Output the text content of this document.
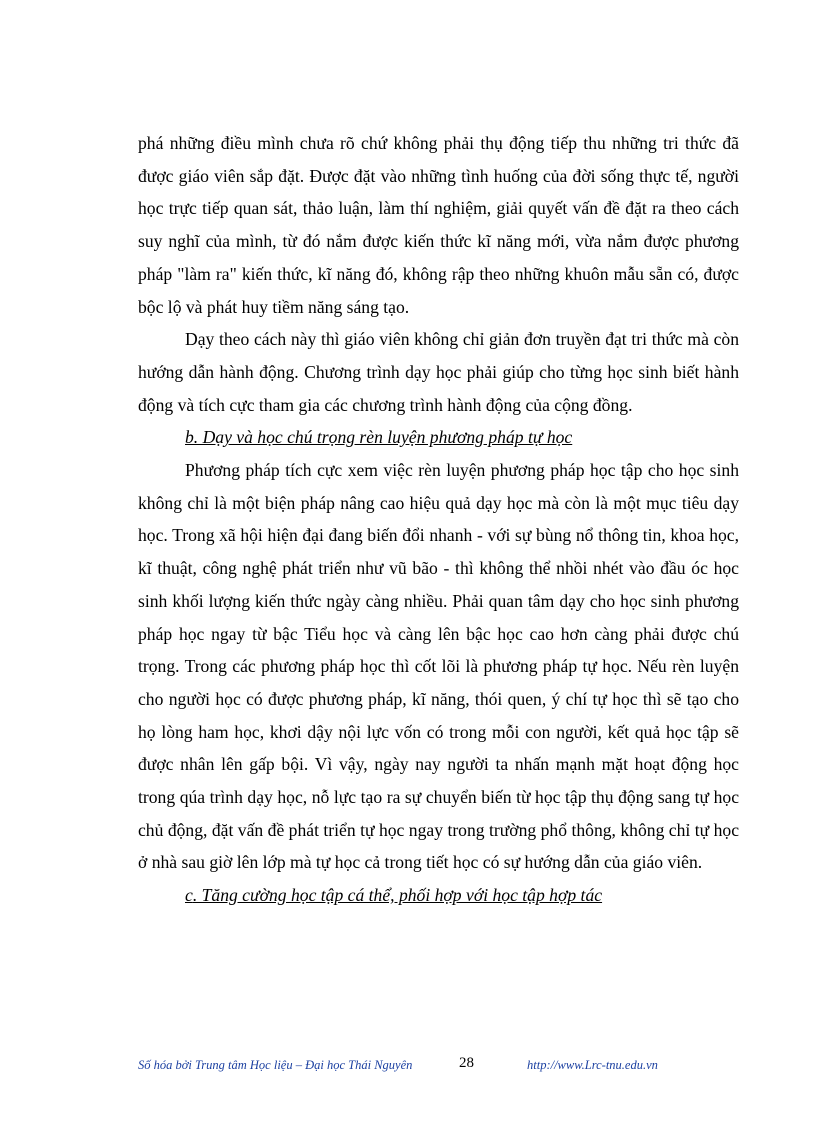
phá những điều mình chưa rõ chứ không phải thụ động tiếp thu những tri thức đã được giáo viên sắp đặt. Được đặt vào những tình huống của đời sống thực tế, người học trực tiếp quan sát, thảo luận, làm thí nghiệm, giải quyết vấn đề đặt ra theo cách suy nghĩ của mình, từ đó nắm được kiến thức kĩ năng mới, vừa nắm được phương pháp "làm ra" kiến thức, kĩ năng đó, không rập theo những khuôn mẫu sẵn có, được bộc lộ và phát huy tiềm năng sáng tạo.

Dạy theo cách này thì giáo viên không chỉ giản đơn truyền đạt tri thức mà còn hướng dẫn hành động. Chương trình dạy học phải giúp cho từng học sinh biết hành động và tích cực tham gia các chương trình hành động của cộng đồng.

b. Dạy và học chú trọng rèn luyện phương pháp tự học

Phương pháp tích cực xem việc rèn luyện phương pháp học tập cho học sinh không chỉ là một biện pháp nâng cao hiệu quả dạy học mà còn là một mục tiêu dạy học. Trong xã hội hiện đại đang biến đổi nhanh - với sự bùng nổ thông tin, khoa học, kĩ thuật, công nghệ phát triển như vũ bão - thì không thể nhồi nhét vào đầu óc học sinh khối lượng kiến thức ngày càng nhiều. Phải quan tâm dạy cho học sinh phương pháp học ngay từ bậc Tiểu học và càng lên bậc học cao hơn càng phải được chú trọng. Trong các phương pháp học thì cốt lõi là phương pháp tự học. Nếu rèn luyện cho người học có được phương pháp, kĩ năng, thói quen, ý chí tự học thì sẽ tạo cho họ lòng ham học, khơi dậy nội lực vốn có trong mỗi con người, kết quả học tập sẽ được nhân lên gấp bội. Vì vậy, ngày nay người ta nhấn mạnh mặt hoạt động học trong qúa trình dạy học, nỗ lực tạo ra sự chuyển biến từ học tập thụ động sang tự học chủ động, đặt vấn đề phát triển tự học ngay trong trường phổ thông, không chỉ tự học ở nhà sau giờ lên lớp mà tự học cả trong tiết học có sự hướng dẫn của giáo viên.

c. Tăng cường học tập cá thể, phối hợp với học tập hợp tác

Số hóa bởi Trung tâm Học liệu – Đại học Thái Nguyên	28	http://www.Lrc-tnu.edu.vn
